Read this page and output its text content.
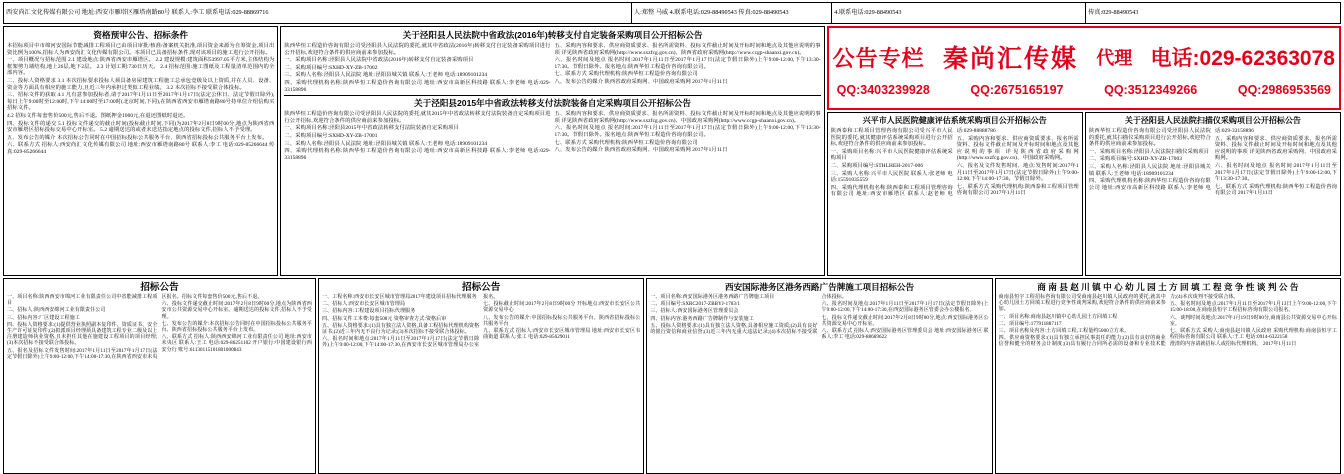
西安尚汇文化传媒有限公司 地址:西安市雁塔区雁塔南路80号 联系人:李工 联系电话:029-88869716	人:郑整 马威 4.联系电话:029-88490543 传真:029-88490543	4.联系电话:029-88490543	传真:029-88490543
资格预审公告、招标条件

本招标项目中市绵河安国际节能减排工程项目已由项目审批/核准/备案机关批准,项目资金来源为自筹资金,项目出资比例为100%,招标人为西安尚汇文化传媒有限公司。本项目已具备招标条件,现对该项目的施工进行公开招标。

一、项目概况与招标范围 2.1 建设地点:陕西省西安市雁塔区。 2.2 建设规模:建筑面积53997.05平方米,主体结构为框架剪力墙结构,地上26层,地下2层。 2.3 计划工期:730日历天。 2.4 招标范围:施工图纸及工程量清单范围内的全部内容。

二、投标人资格要求 3.1 本次招标要求投标人须具备房屋建筑工程施工总承包壹级及以上资质,并在人员、设备、资金等方面具有相应的施工能力,且近三年内承担过类似工程业绩。 3.2 本次招标不接受联合体投标。

三、招标文件的获取 4.1 凡有意参加投标者,请于2017年1月11日至2017年1月17日(法定公休日、法定节假日除外),每日上午9:00时至12:00时,下午14:00时至17:00时(北京时间,下同),在陕西省西安市雁塔南路80号持单位介绍信购买招标文件。

4.2 招标文件每套售价500元,售后不退。图纸押金1000元,在退还图纸时退还。

四、投标文件的递交 5.1 投标文件递交的截止时间(投标截止时间,下同)为2017年2月8日9时00分,地点为陕西省西安市雁塔区招标投标交易中心开标室。 5.2 逾期送达的或者未送达指定地点的投标文件,招标人不予受理。

五、发布公告的媒介 本次招标公告同时在中国招标投标公共服务平台、陕西省招标投标公共服务平台上发布。

六、联系方式 招标人:西安尚汇文化传媒有限公司 地址:西安市雁塔南路80号 联系人:李工 电话:029-85266644 传真:029-85266644

关于泾阳县人民法院中省政法(2016年)转移支付自定装备采购项目公开招标公告

陕西华恒工程造价咨询有限公司受泾阳县人民法院的委托,就其中省政法(2016年)转移支付自定装备采购项目进行公开招标,欢迎符合条件的供应商前来参加投标。

一、采购项目名称:泾阳县人民法院中省政法(2016年)转移支付自定装备采购项目

二、采购项目编号:SXHD-XY-ZB-17002

三、采购人名称:泾阳县人民法院 地址:泾阳县城关镇 联系人:王老师 电话:18909101234

四、采购代理机构名称:陕西华恒工程造价咨询有限公司 地址:西安市高新区科技路 联系人:李老师 电话:029-33158896

五、采购内容和要求、供应商资质要求、报名所需资料、投标文件截止时间及开标时间和地点及其他应说明的事项 详见陕西省政府采购网(http://www.sxzfcg.gov.cn)、陕西省政府采购网(http://www.ccgp-shaanxi.gov.cn)。

六、报名时间及地点 报名时间:2017年1月11日至2017年1月17日(法定节假日除外)上午9:00-12:00,下午13:30-17:30。节假日除外。报名地点:陕西华恒工程造价咨询有限公司。

七、联系方式 采购代理机构:陕西华恒工程造价咨询有限公司

八、发布公告的媒介 陕西省政府采购网、中国政府采购网 2017年1月11日

关于泾阳县2015年中省政法转移支付法院装备自定采购项目公开招标公告

陕西华恒工程造价咨询有限公司受泾阳县人民法院的委托,就其2015年中省政法转移支付法院装备自定采购项目进行公开招标,欢迎符合条件的供应商前来参加投标。

一、采购项目名称:泾阳县2015年中省政法转移支付法院装备自定采购项目

二、采购项目编号:SXHD-XY-ZB-17001

三、采购人名称:泾阳县人民法院 地址:泾阳县城关镇 联系人:王老师 电话:18909101234

四、采购代理机构名称:陕西华恒工程造价咨询有限公司 地址:西安市高新区科技路 联系人:李老师 电话:029-33158896

五、采购内容和要求、供应商资质要求、报名所需资料、投标文件截止时间及开标时间和地点及其他应说明的事项 详见陕西省政府采购网(http://www.sxzfcg.gov.cn)、中国政府采购网(http://www.ccgp-shaanxi.gov.cn)。

六、报名时间及地点 报名时间:2017年1月11日至2017年1月17日(法定节假日除外)上午9:00-12:00,下午13:30-17:30。节假日除外。报名地点:陕西华恒工程造价咨询有限公司。

七、联系方式 采购代理机构:陕西华恒工程造价咨询有限公司

八、发布公告的媒介 陕西省政府采购网、中国政府采购网 2017年1月11日

公告专栏 秦尚汇传媒 代理 电话:029-62363078
QQ:3403239928	QQ:2675165197	QQ:3512349266	QQ:2986953569
兴平市人民医院健康评估系统采购项目公开招标公告

陕西泰和工程项目管理咨询有限公司受兴平市人民医院的委托,就其健康评估系统采购项目进行公开招标,欢迎符合条件的供应商前来参加投标。

一、采购项目名称:兴平市人民医院健康评估系统采购项目

二、采购项目编号:STHLHEH-2017-006

三、采购人名称:兴平市人民医院 联系人:张老师 电话:15591035559

四、采购代理机构名称:陕西泰和工程项目管理咨询有限公司 地址:西安市雁塔区 联系人:赵老师 电话:029-88888786

五、采购内容和要求、供应商资质要求、报名所需资料、投标文件截止时间及开标时间和地点及其他应说明的事项 详见陕西省政府采购网(http://www.sxzfcg.gov.cn)、中国政府采购网。

六、报名及文件发售时间、地点:发售时间:2017年1月11日至2017年1月17日(法定节假日除外)上午9:00-12:00,下午14:00-17:30。节假日除外。

七、联系方式 采购代理机构:陕西泰和工程项目管理咨询有限公司 2017年1月11日

关于泾阳县人民法院扫描仪采购项目公开招标公告

陕西华恒工程造价咨询有限公司受泾阳县人民法院的委托,就其扫描仪采购项目进行公开招标,欢迎符合条件的供应商前来参加投标。

一、采购项目名称:泾阳县人民法院扫描仪采购项目

二、采购项目编号:SXHD-XY-ZB-17003

三、采购人名称:泾阳县人民法院 地址:泾阳县城关镇 联系人:王老师 电话:18909101234

四、采购代理机构名称:陕西华恒工程造价咨询有限公司 地址:西安市高新区科技路 联系人:李老师 电话:029-33158896

五、采购内容和要求、供应商资质要求、报名所需资料、投标文件截止时间及开标时间和地点及其他应说明的事项 详见陕西省政府采购网、中国政府采购网。

六、报名时间及地点 报名时间:2017年1月11日至2017年1月17日(法定节假日除外)上午9:00-12:00,下午13:30-17:30。

七、联系方式 采购代理机构:陕西华恒工程造价咨询有限公司 2017年1月11日

招标公告

一、项目名称:陕西西安市绵河工业有限责任公司中省能减排工程项目

二、招标人:陕西西安绵河工业有限责任公司

三、招标内容:厂区建设工程施工

四、投标人资格要求:(1)提供营业执照副本复印件、资质证书、安全生产许可证复印件;(2)拟派项目经理须具备建筑工程专业二级及以上注册建造师执业资格,且未担任其他在施建设工程项目的项目经理;(3)本次招标不接受联合体投标。

五、报名及招标文件发售时间:2017年1月11日至2017年1月17日(法定节假日除外)上午9:00-12:00,下午14:00-17:30,在陕西省西安市未央区报名。招标文件每套售价500元,售后不退。

六、投标文件递交截止时间:2017年2月8日9时00分,地点为陕西省西安市公共资源交易中心开标室。逾期送达的投标文件,招标人不予受理。

七、发布公告的媒介:本次招标公告同时在中国招标投标公共服务平台、陕西省招标投标公共服务平台上发布。

八、联系方式 招标人:陕西西安绵河工业有限责任公司 地址:西安市未央区 联系人:王工 电话:029-86251102 开户银行:中国建设银行西安分行 账号:61130115101801000843

招标公告

一、工程名称:西安市长安区城市管理局2017年建设项目招标代理服务

二、招标人:西安市长安区城市管理局

三、招标内容:工程建设项目招标代理服务

四、招标文件工本费:每套500元 资格审查方式:资格后审

五、招标人资格要求:(1)具有独立法人资格,具备工程招标代理机构资格证书;(2)近三年内无不良行为记录;(3)本次招标不接受联合体投标。

六、报名时间和地点:2017年1月11日至2017年1月17日(法定节假日除外)上午9:00-12:00,下午14:00-17:30,在西安市长安区城市管理局办公室报名。

七、投标截止时间:2017年2月8日9时00分 开标地点:西安市长安区公共资源交易中心

八、发布公告的媒介:中国招标投标公共服务平台、陕西省招标投标公共服务平台

九、联系方式 招标人:西安市长安区城市管理局 地址:西安市长安区韦曲街道 联系人:张工 电话:029-85629011

西安国际港务区港务西路广告牌施工项目招标公告

一、项目名称:西安国际港务区港务西路广告牌施工项目

二、项目编号:SXRC2017-ZBBYJ-1703/1

三、招标人:西安国际港务区管理委员会

四、招标内容:港务西路广告牌制作与安装施工

五、投标人资格要求:(1)具有独立法人资格,具备相应施工资质;(2)具有良好的银行资信和商业信誉;(3)近三年内无重大违法记录;(4)本次招标不接受联合体投标。

六、报名时间及地点:2017年1月11日至2017年1月17日(法定节假日除外)上午9:00-12:00,下午14:00-17:30,在西安国际港务区管委会办公楼报名。

七、投标文件递交截止时间:2017年2月8日9时00分,地点:西安国际港务区公共资源交易中心开标室。

八、联系方式 招标人:西安国际港务区管理委员会 地址:西安国际港务区 联系人:李工 电话:029-88669622

商 南 县 赵 川 镇 中 心 幼 儿 园 土 方 回 填 工 程 竞 争 性 谈 判 公 告

商南县恒宇工程招标咨询有限公司受商南县赵川镇人民政府的委托,就其中心幼儿园土方回填工程进行竞争性谈判采购,欢迎符合条件的供应商前来参加。

一、项目名称:商南县赵川镇中心幼儿园土方回填工程

二、项目编号:177911887117

三、项目名称及内容:土方回填工程,工程量约5000立方米。

四、供应商资格要求:(1)具有独立承担民事责任的能力;(2)具有良好的商业信誉和健全的财务会计制度;(3)具有履行合同所必需的设备和专业技术能力;(4)本次谈判不接受联合体。

五、报名时间及地点:2017年1月11日至2017年1月13日上午9:00-12:00,下午15:00-18:00,在商南县恒宇工程招标咨询有限公司报名。

六、谈判时间及地点:2017年1月19日9时00分,商南县公共资源交易中心开标室。

七、联系方式 采购人:商南县赵川镇人民政府 采购代理机构:商南县恒宇工程招标咨询有限公司 联系人:王工 电话:0914-6322158

澄清的内容请就招标人或招标代理机构。 2017年1月11日
